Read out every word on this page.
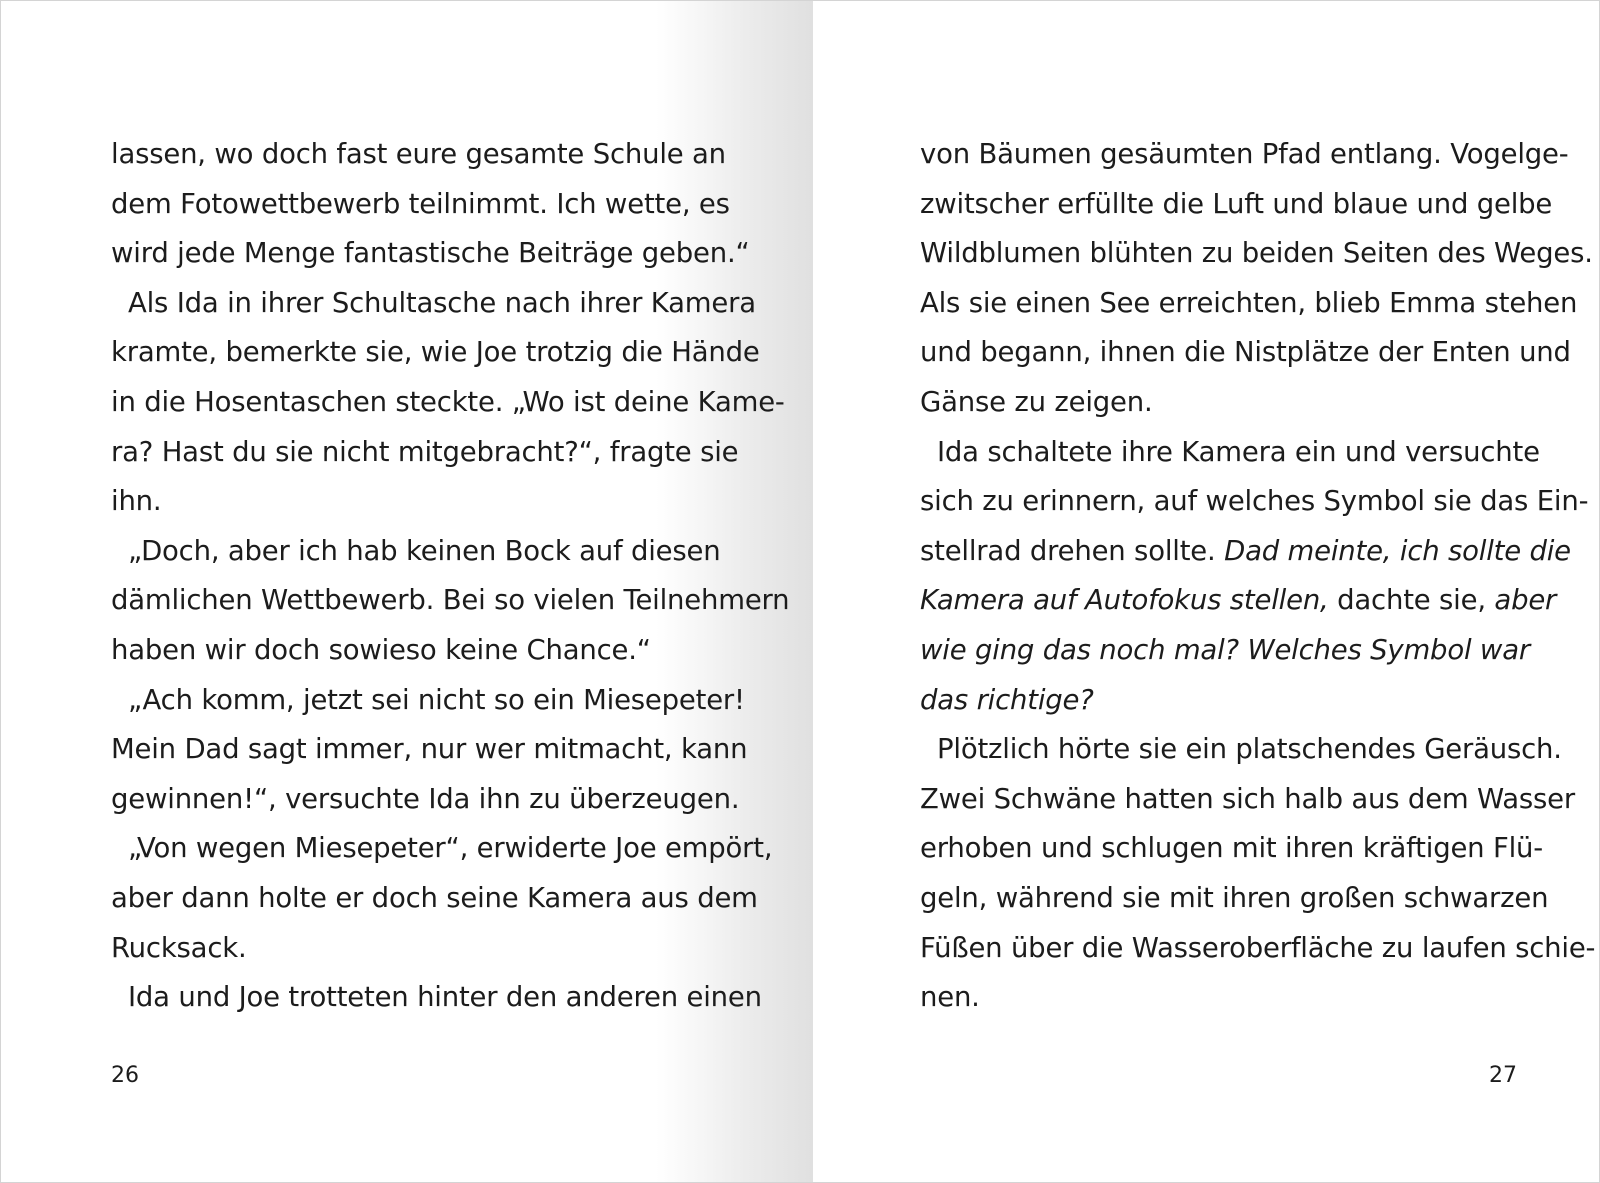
lassen, wo doch fast eure gesamte Schule an
dem Fotowettbewerb teilnimmt. Ich wette, es
wird jede Menge fantastische Beiträge geben.“
Als Ida in ihrer Schultasche nach ihrer Kamera
kramte, bemerkte sie, wie Joe trotzig die Hände
in die Hosentaschen steckte. „Wo ist deine Kame-
ra? Hast du sie nicht mitgebracht?“, fragte sie
ihn.
„Doch, aber ich hab keinen Bock auf diesen
dämlichen Wettbewerb. Bei so vielen Teilnehmern
haben wir doch sowieso keine Chance.“
„Ach komm, jetzt sei nicht so ein Miesepeter!
Mein Dad sagt immer, nur wer mitmacht, kann
gewinnen!“, versuchte Ida ihn zu überzeugen.
„Von wegen Miesepeter“, erwiderte Joe empört,
aber dann holte er doch seine Kamera aus dem
Rucksack.
Ida und Joe trotteten hinter den anderen einen
26
von Bäumen gesäumten Pfad entlang. Vogelge-
zwitscher erfüllte die Luft und blaue und gelbe
Wildblumen blühten zu beiden Seiten des Weges.
Als sie einen See erreichten, blieb Emma stehen
und begann, ihnen die Nistplätze der Enten und
Gänse zu zeigen.
Ida schaltete ihre Kamera ein und versuchte
sich zu erinnern, auf welches Symbol sie das Ein-
stellrad drehen sollte. Dad meinte, ich sollte die
Kamera auf Autofokus stellen, dachte sie, aber
wie ging das noch mal? Welches Symbol war
das richtige?
Plötzlich hörte sie ein platschendes Geräusch.
Zwei Schwäne hatten sich halb aus dem Wasser
erhoben und schlugen mit ihren kräftigen Flü-
geln, während sie mit ihren großen schwarzen
Füßen über die Wasseroberfläche zu laufen schie-
nen.
27
